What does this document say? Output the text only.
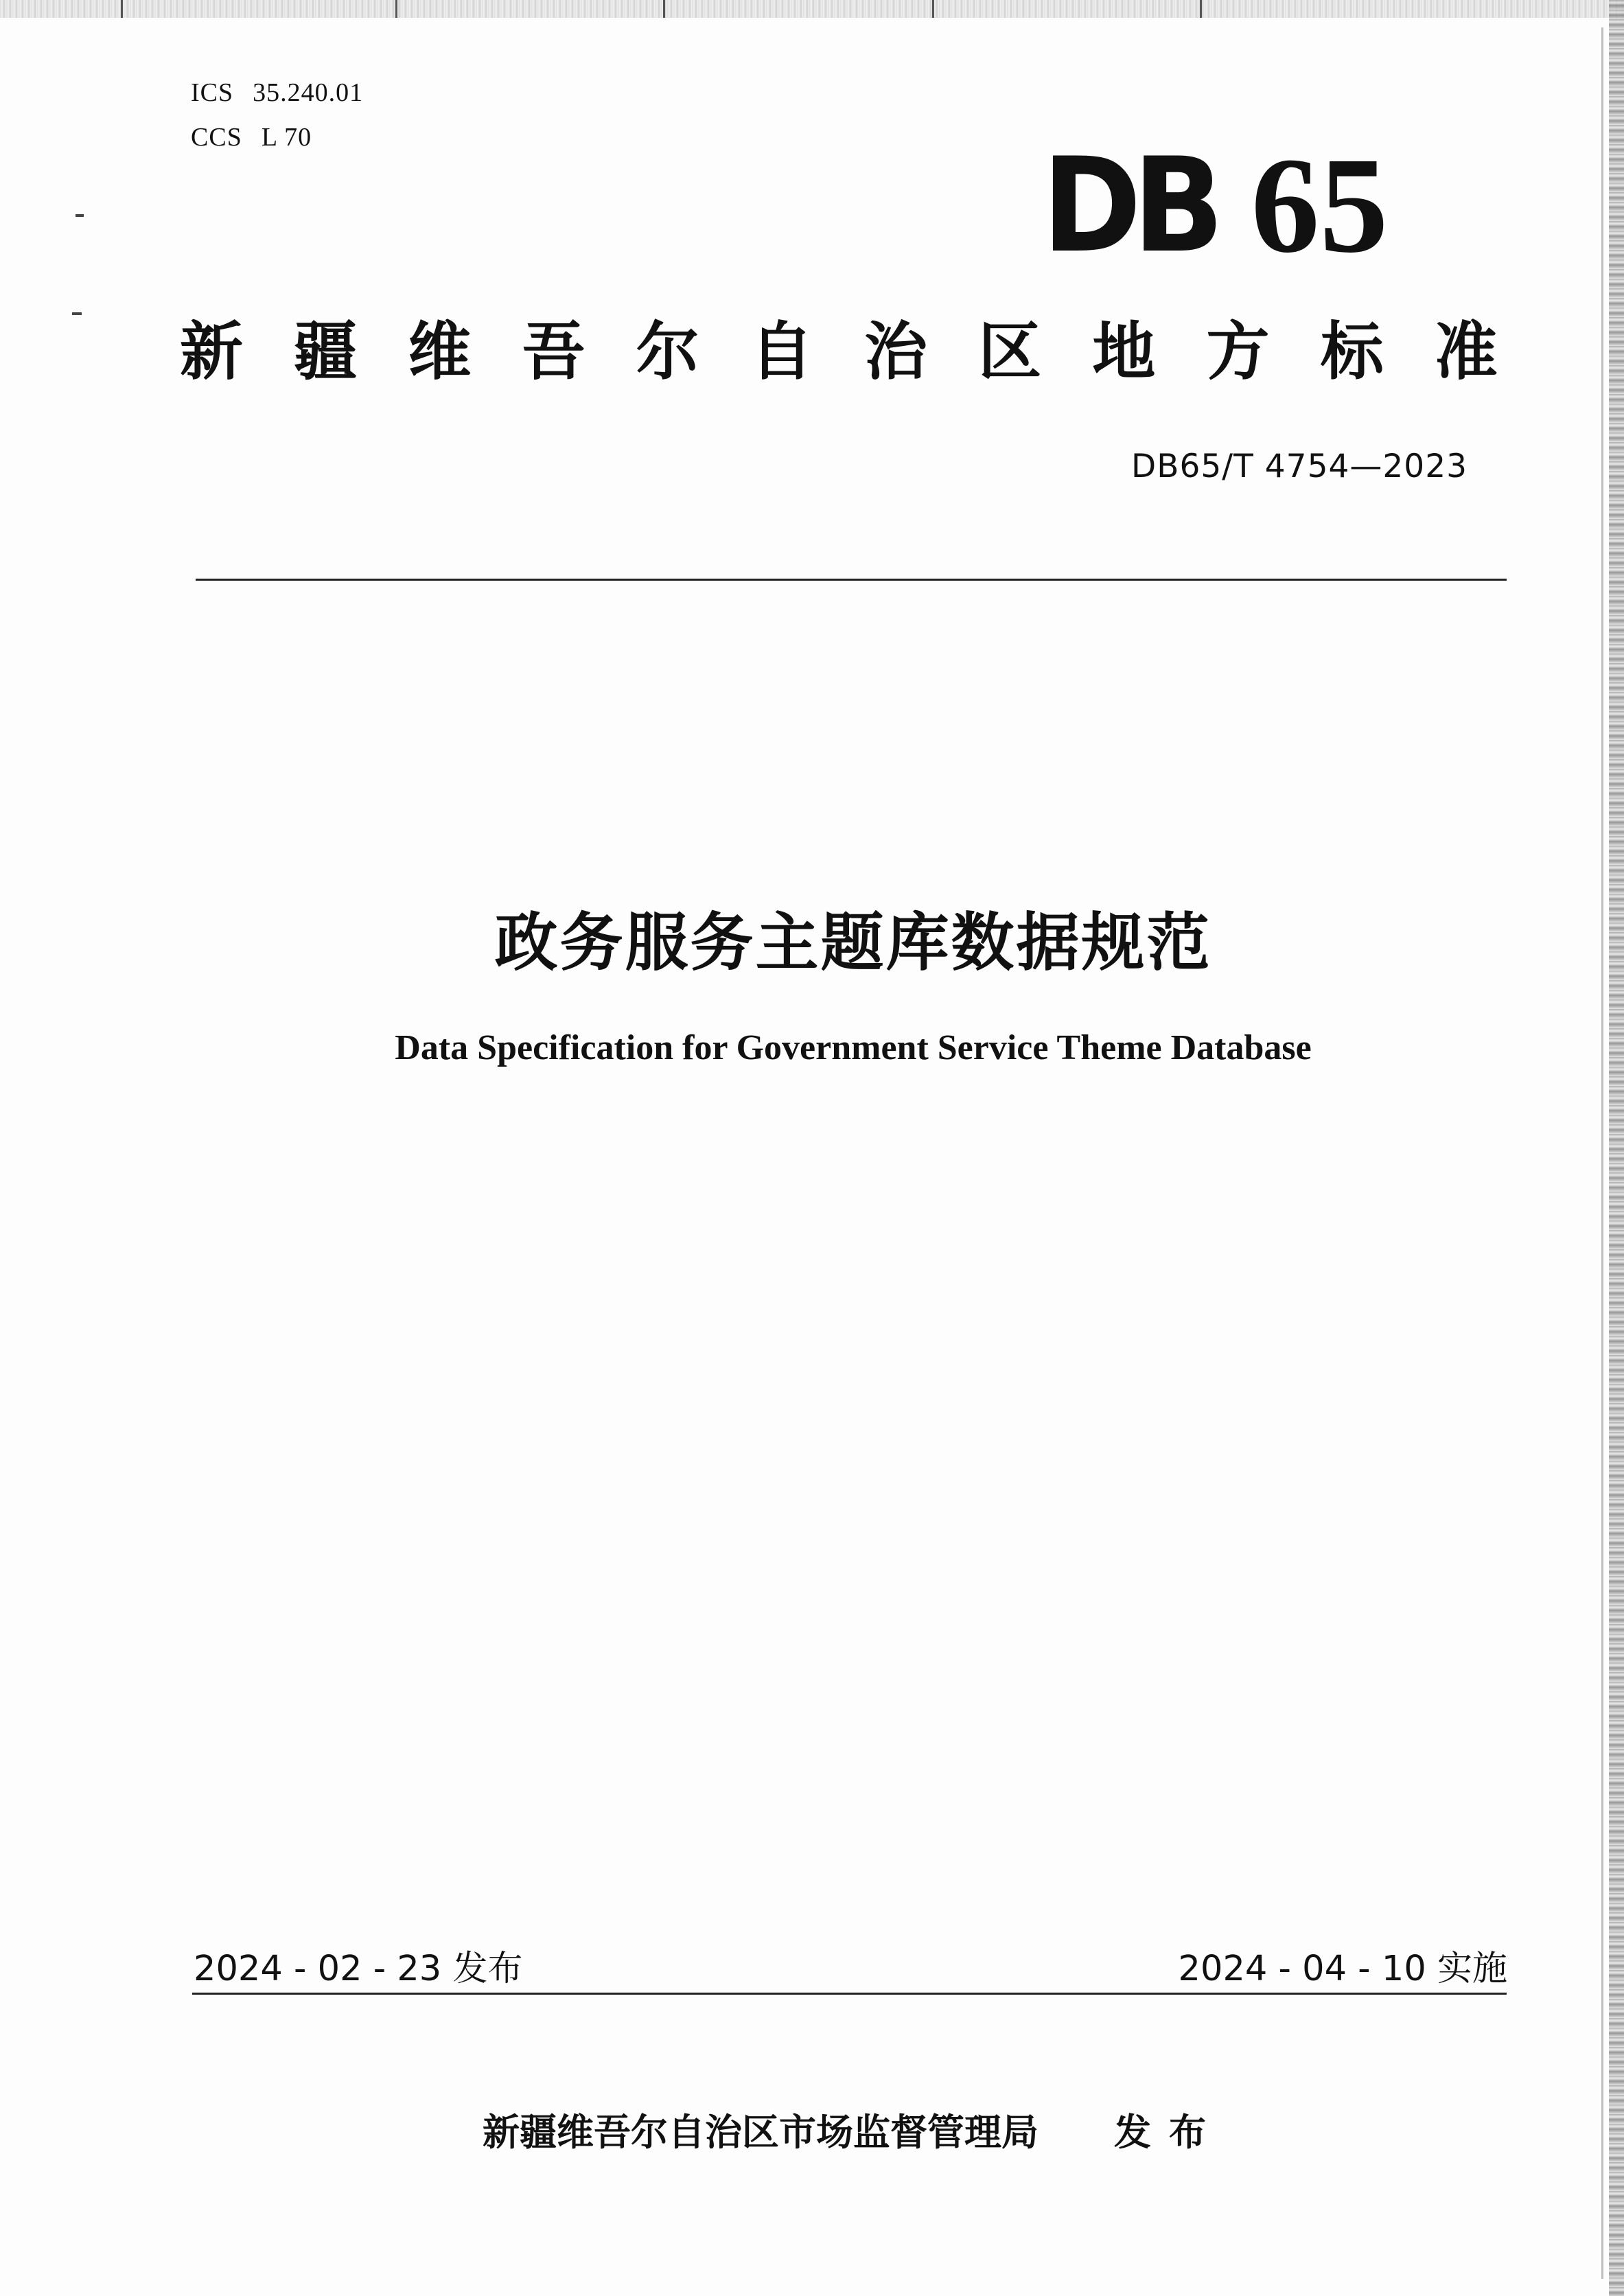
ICS 35.240.01
CCS L 70	DB 65
新 疆 维 吾 尔 自 治 区 地 方 标 准
DB65/T 4754—2023
政务服务主题库数据规范
Data Specification for Government Service Theme Database
2024 - 02 - 23 发布	2024 - 04 - 10 实施
新疆维吾尔自治区市场监督管理局 发布
